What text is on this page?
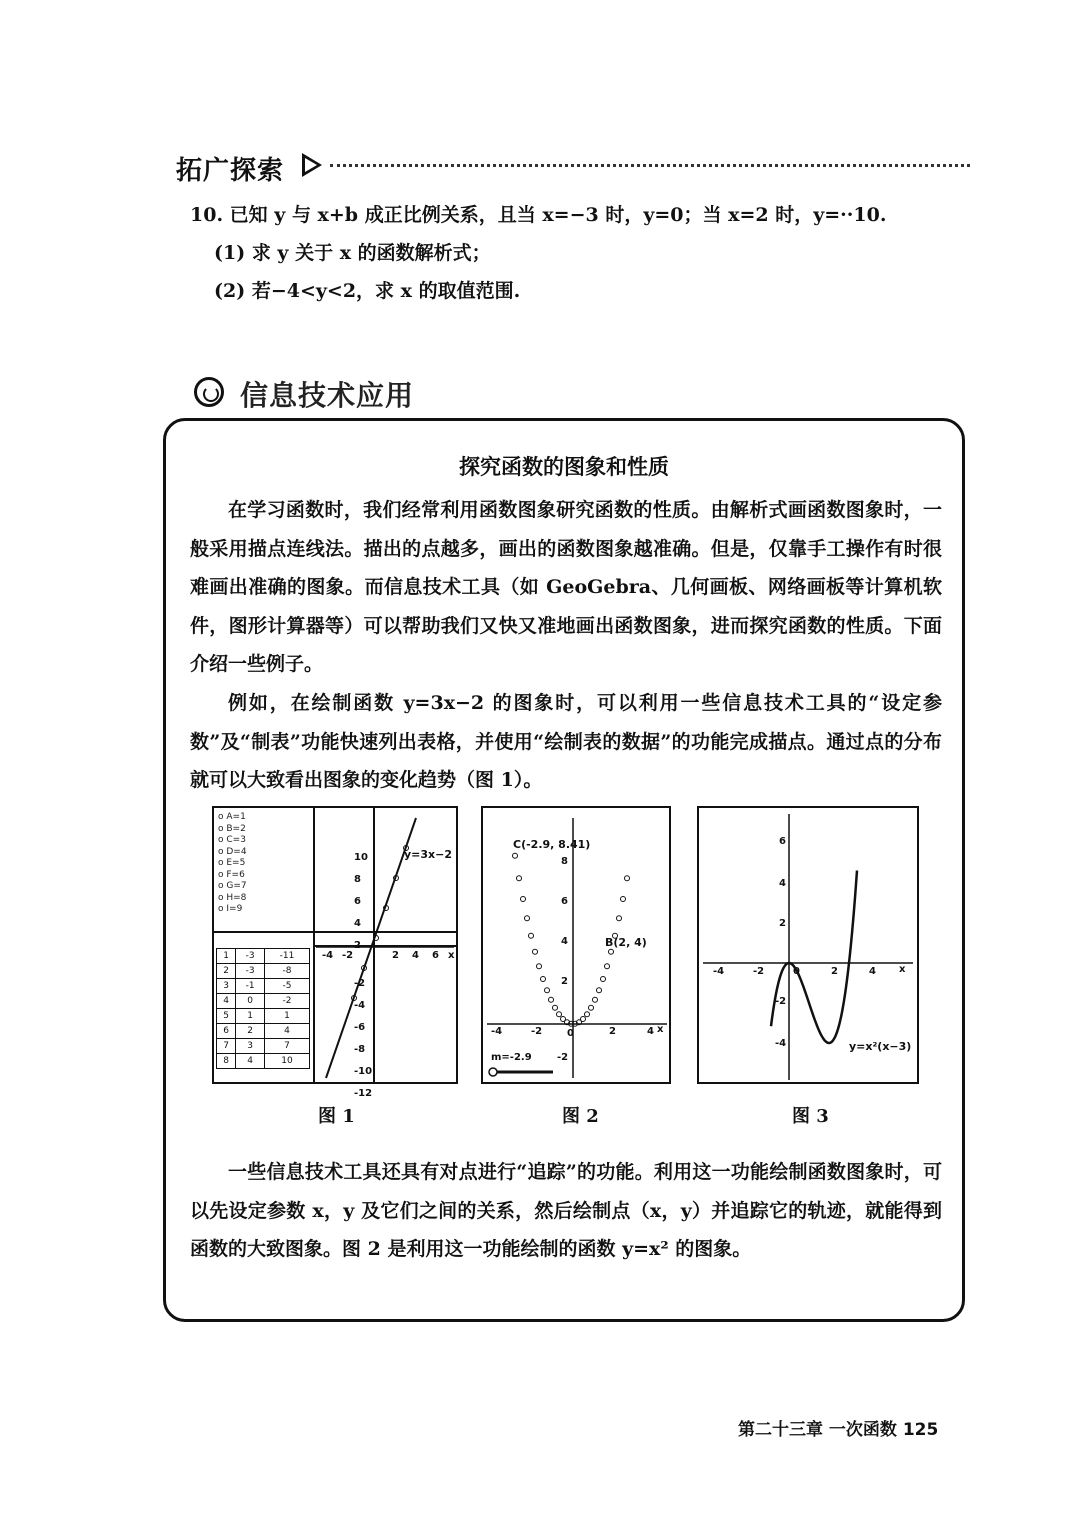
拓广探索
10. 已知 y 与 x+b 成正比例关系，且当 x=−3 时，y=0；当 x=2 时，y=··10.
(1) 求 y 关于 x 的函数解析式；
(2) 若−4<y<2，求 x 的取值范围.
信息技术应用
探究函数的图象和性质
在学习函数时，我们经常利用函数图象研究函数的性质。由解析式画函数图象时，一般采用描点连线法。描出的点越多，画出的函数图象越准确。但是，仅靠手工操作有时很难画出准确的图象。而信息技术工具（如 GeoGebra、几何画板、网络画板等计算机软件，图形计算器等）可以帮助我们又快又准地画出函数图象，进而探究函数的性质。下面介绍一些例子。
例如，在绘制函数 y=3x−2 的图象时，可以利用一些信息技术工具的“设定参数”及“制表”功能快速列出表格，并使用“绘制表的数据”的功能完成描点。通过点的分布就可以大致看出图象的变化趋势（图 1）。
y=3x−2
o A=1
o B=2
o C=3
o D=4
o E=5
o F=6
o G=7
o H=8
o I=9
1	-3	-11
2	-3	-8
3	-1	-5
4	0	-2
5	1	1
6	2	4
7	3	7
8	4	10
10
8
6
4
2
-2
-4
-6
-8
-10
-12
-4 -2	2 4 6 x
图 1
C(-2.9, 8.41)
B(2, 4)
m=-2.9
8
6
4
2
-2
-4	-2 0	2	4 x
图 2
y=x²(x−3)
6
4
2
-2
-4
-4	-2	0	2	4 x
图 3
一些信息技术工具还具有对点进行“追踪”的功能。利用这一功能绘制函数图象时，可以先设定参数 x，y 及它们之间的关系，然后绘制点（x，y）并追踪它的轨迹，就能得到函数的大致图象。图 2 是利用这一功能绘制的函数 y=x² 的图象。
第二十三章 一次函数 125
